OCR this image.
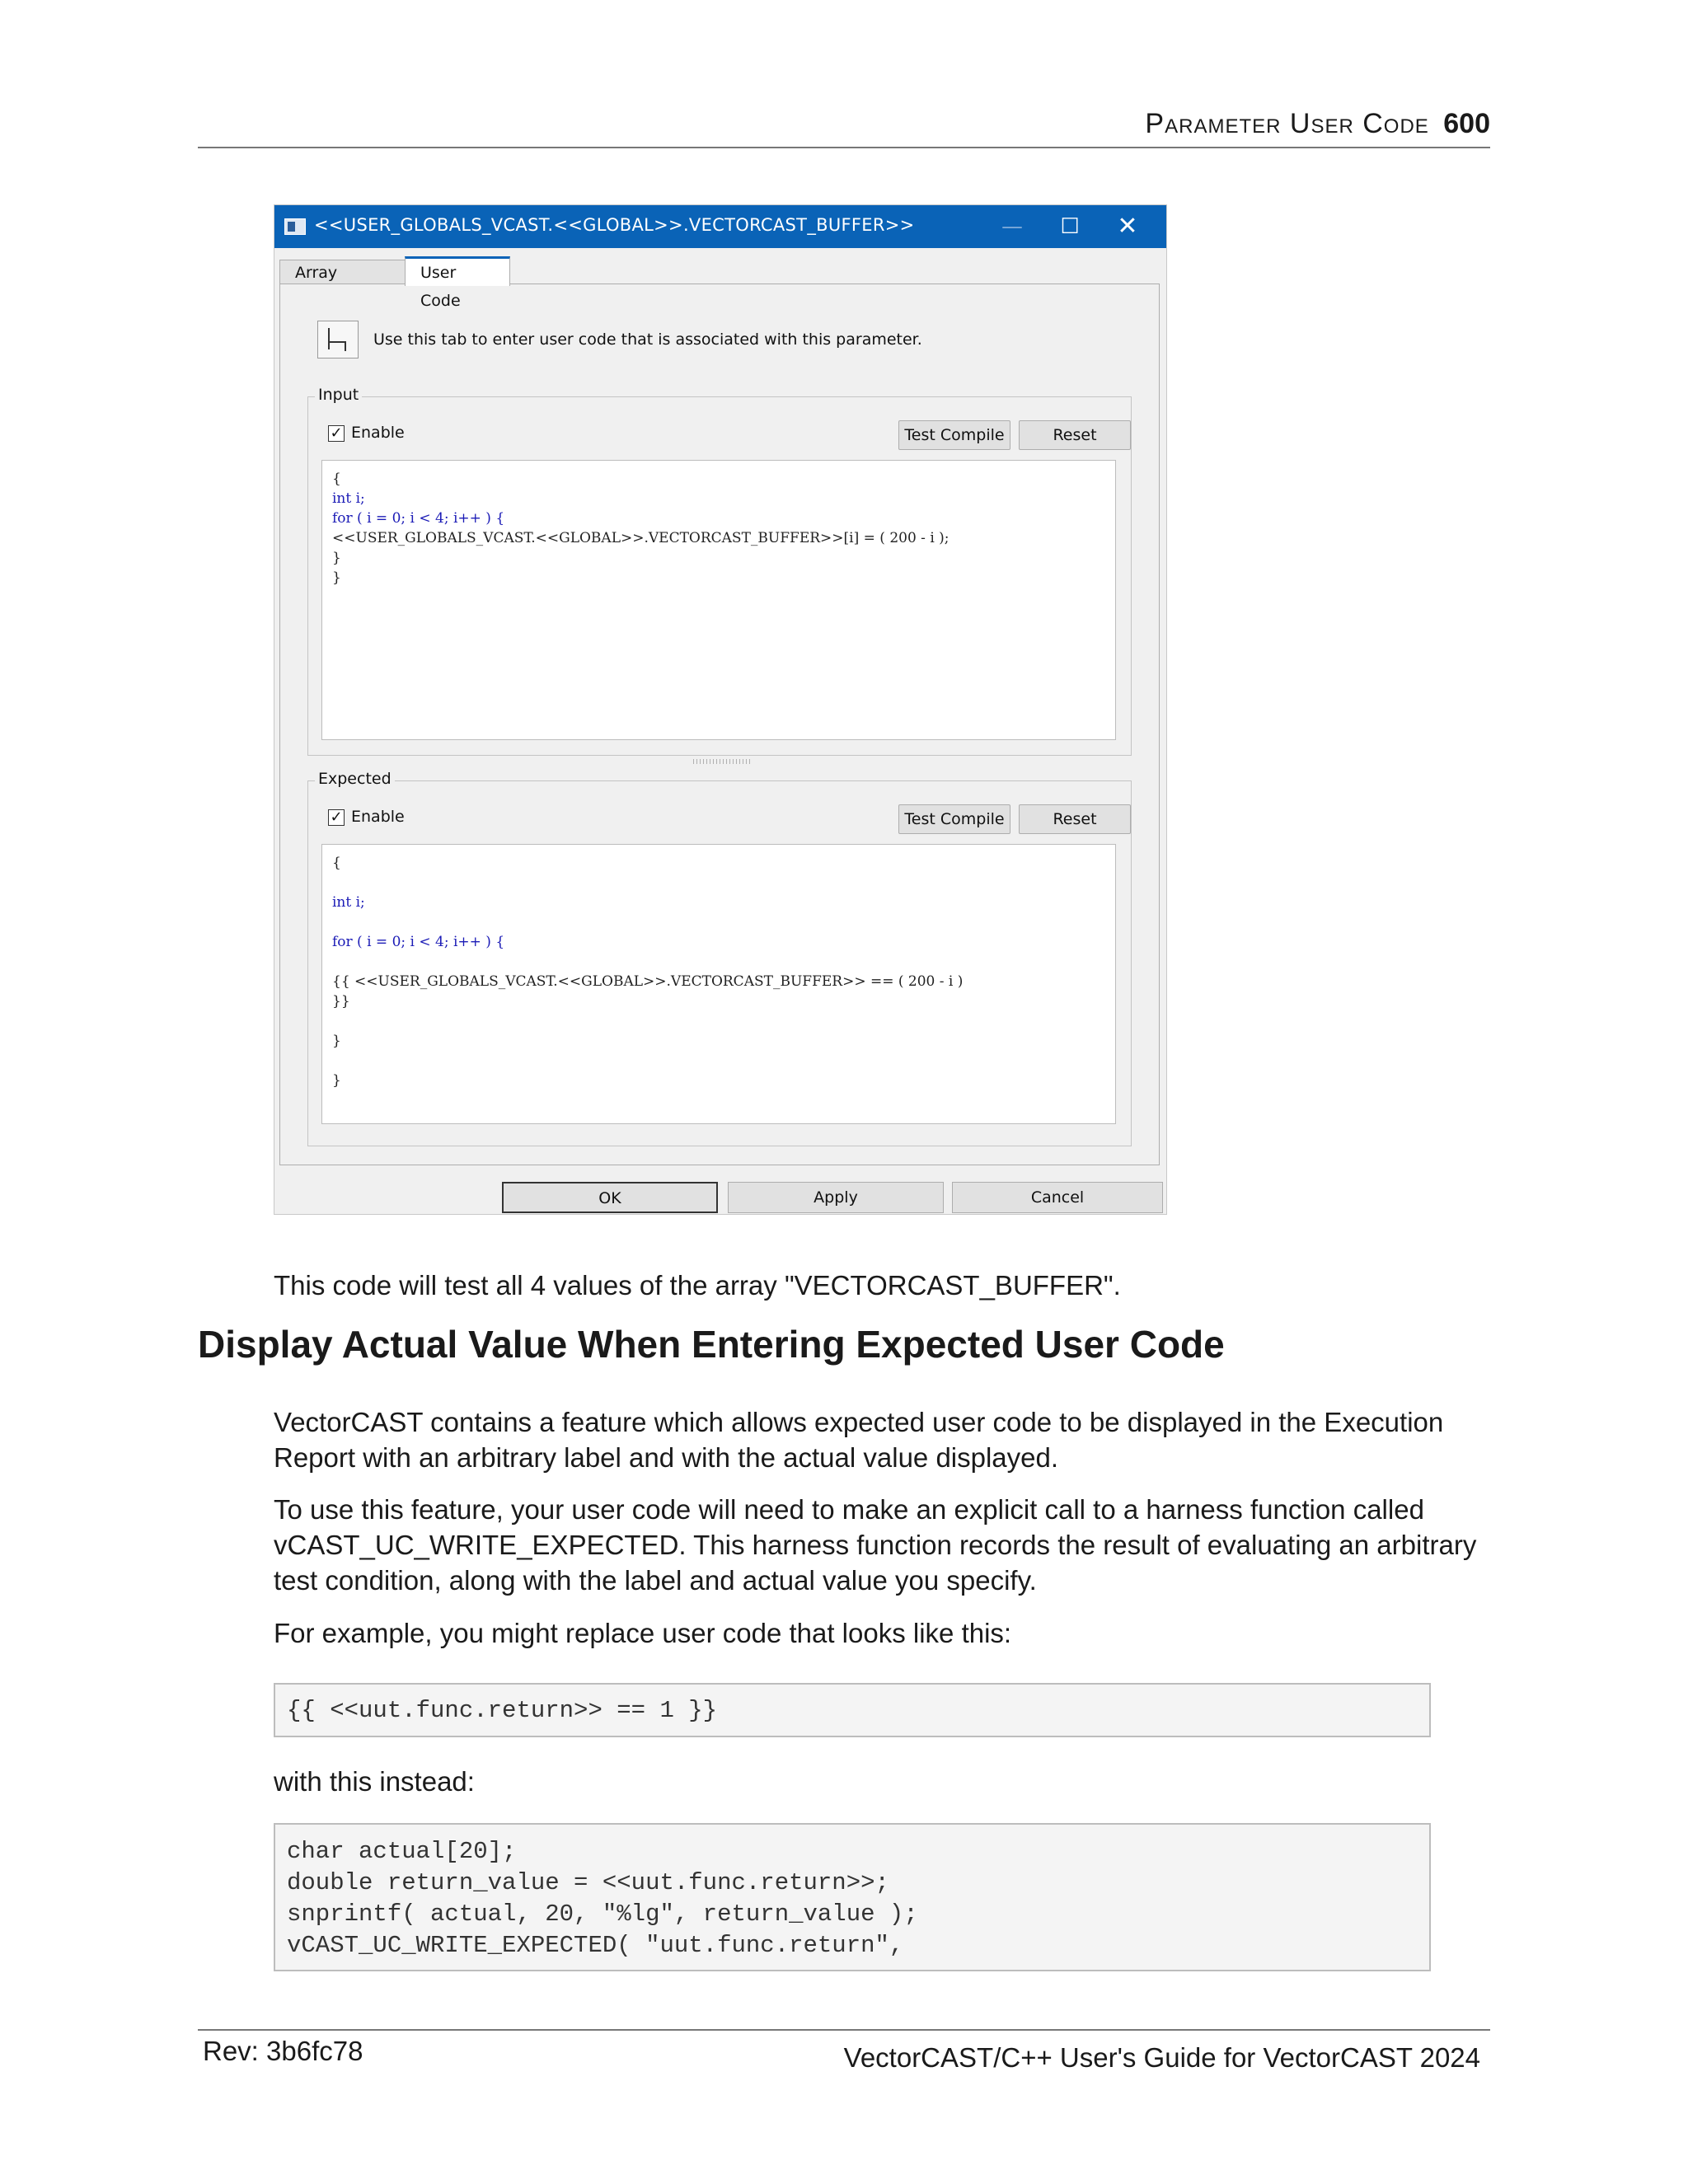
Parameter User Code 600
<<USER_GLOBALS_VCAST.<<GLOBAL>>.VECTORCAST_BUFFER>>	—	☐	✕
Array	User Code
Use this tab to enter user code that is associated with this parameter.
Input
✓ Enable	Test Compile	Reset
{
int i;
for ( i = 0; i < 4; i++ ) {
<<USER_GLOBALS_VCAST.<<GLOBAL>>.VECTORCAST_BUFFER>>[i] = ( 200 - i );
}
}
Expected
✓ Enable	Test Compile	Reset
{
int i;
for ( i = 0; i < 4; i++ ) {
{{ <<USER_GLOBALS_VCAST.<<GLOBAL>>.VECTORCAST_BUFFER>> == ( 200 - i )
}}
}
}
OK	Apply	Cancel
This code will test all 4 values of the array "VECTORCAST_BUFFER".
Display Actual Value When Entering Expected User Code
VectorCAST contains a feature which allows expected user code to be displayed in the Execution Report with an arbitrary label and with the actual value displayed.
To use this feature, your user code will need to make an explicit call to a harness function called vCAST_UC_WRITE_EXPECTED. This harness function records the result of evaluating an arbitrary test condition, along with the label and actual value you specify.
For example, you might replace user code that looks like this:
{{ <<uut.func.return>> == 1 }}
with this instead:
char actual[20];
double return_value = <<uut.func.return>>;
snprintf( actual, 20, "%lg", return_value );
vCAST_UC_WRITE_EXPECTED( "uut.func.return",
Rev: 3b6fc78	VectorCAST/C++ User's Guide for VectorCAST 2024
